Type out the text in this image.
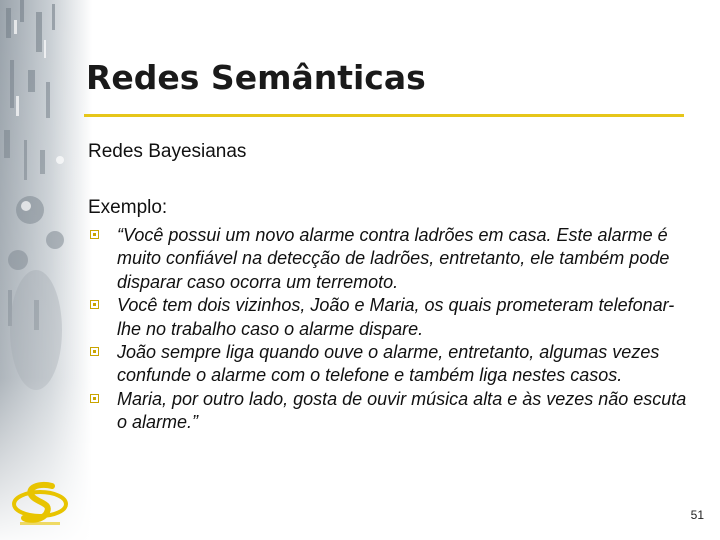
Redes Semânticas
Redes Bayesianas
Exemplo:
“Você possui um novo alarme contra ladrões em casa. Este alarme é muito confiável na detecção de ladrões, entretanto, ele também pode disparar caso ocorra um terremoto.
Você tem dois vizinhos, João e Maria, os quais prometeram telefonar-lhe no trabalho caso o alarme dispare.
João sempre liga quando ouve o alarme, entretanto, algumas vezes confunde o alarme com o telefone e também liga nestes casos.
Maria, por outro lado, gosta de ouvir música alta e às vezes não escuta o alarme.”
51
